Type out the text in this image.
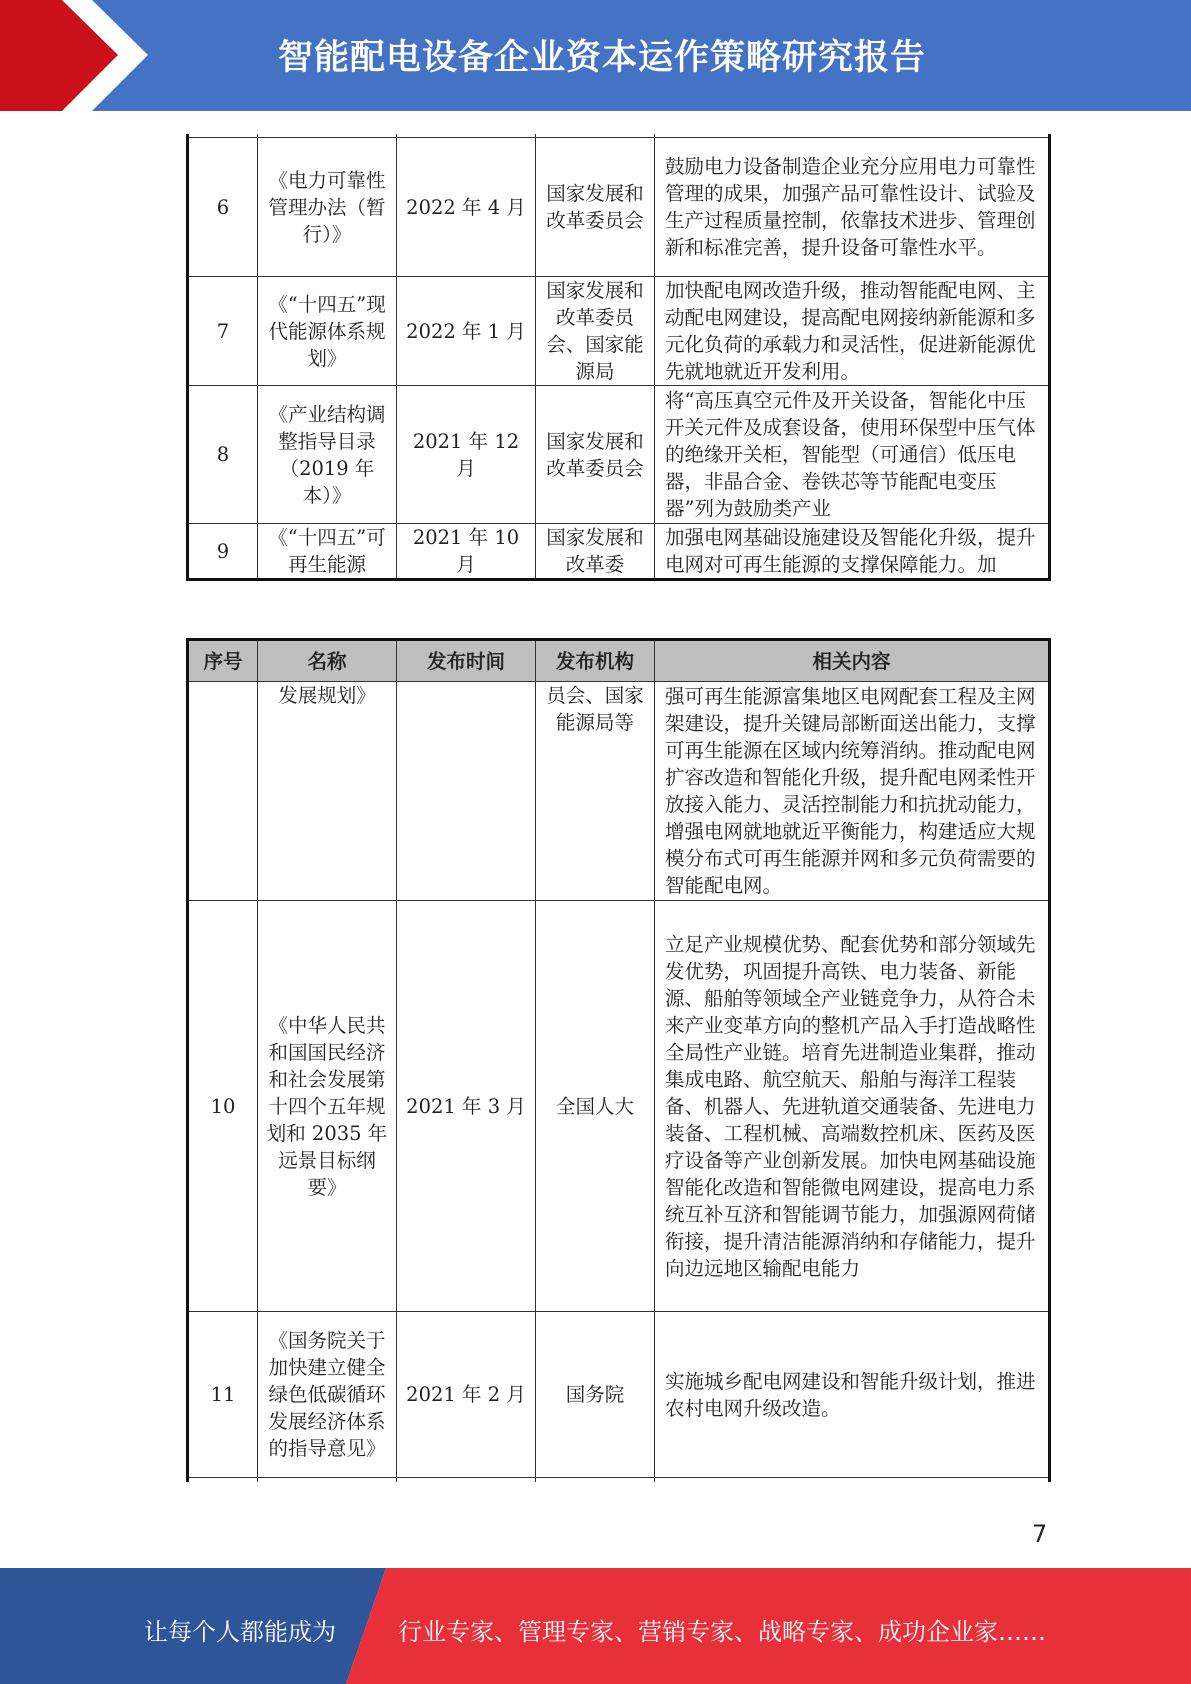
智能配电设备企业资本运作策略研究报告

6	《电力可靠性管理办法（暂行）》	2022 年 4 月	国家发展和改革委员会	鼓励电力设备制造企业充分应用电力可靠性管理的成果，加强产品可靠性设计、试验及生产过程质量控制，依靠技术进步、管理创新和标准完善，提升设备可靠性水平。
7	《“十四五”现代能源体系规划》	2022 年 1 月	国家发展和改革委员会、国家能源局	加快配电网改造升级，推动智能配电网、主动配电网建设，提高配电网接纳新能源和多元化负荷的承载力和灵活性，促进新能源优先就地就近开发利用。
8	《产业结构调整指导目录（2019 年本）》	2021 年 12 月	国家发展和改革委员会	将“高压真空元件及开关设备，智能化中压开关元件及成套设备，使用环保型中压气体的绝缘开关柜，智能型（可通信）低压电器，非晶合金、卷铁芯等节能配电变压器”列为鼓励类产业
9	《“十四五”可再生能源	2021 年 10 月	国家发展和改革委	加强电网基础设施建设及智能化升级，提升电网对可再生能源的支撑保障能力。加
序号	名称	发布时间	发布机构	相关内容
	发展规划》		员会、国家能源局等	强可再生能源富集地区电网配套工程及主网架建设，提升关键局部断面送出能力，支撑可再生能源在区域内统筹消纳。推动配电网扩容改造和智能化升级，提升配电网柔性开放接入能力、灵活控制能力和抗扰动能力，增强电网就地就近平衡能力，构建适应大规模分布式可再生能源并网和多元负荷需要的智能配电网。
10	《中华人民共和国国民经济和社会发展第十四个五年规划和 2035 年远景目标纲要》	2021 年 3 月	全国人大	立足产业规模优势、配套优势和部分领域先发优势，巩固提升高铁、电力装备、新能源、船舶等领域全产业链竞争力，从符合未来产业变革方向的整机产品入手打造战略性全局性产业链。培育先进制造业集群，推动集成电路、航空航天、船舶与海洋工程装备、机器人、先进轨道交通装备、先进电力装备、工程机械、高端数控机床、医药及医疗设备等产业创新发展。加快电网基础设施智能化改造和智能微电网建设，提高电力系统互补互济和智能调节能力，加强源网荷储衔接，提升清洁能源消纳和存储能力，提升向边远地区输配电能力
11	《国务院关于加快建立健全绿色低碳循环发展经济体系的指导意见》	2021 年 2 月	国务院	实施城乡配电网建设和智能升级计划，推进农村电网升级改造。

7
让每个人都能成为	行业专家、管理专家、营销专家、战略专家、成功企业家……
